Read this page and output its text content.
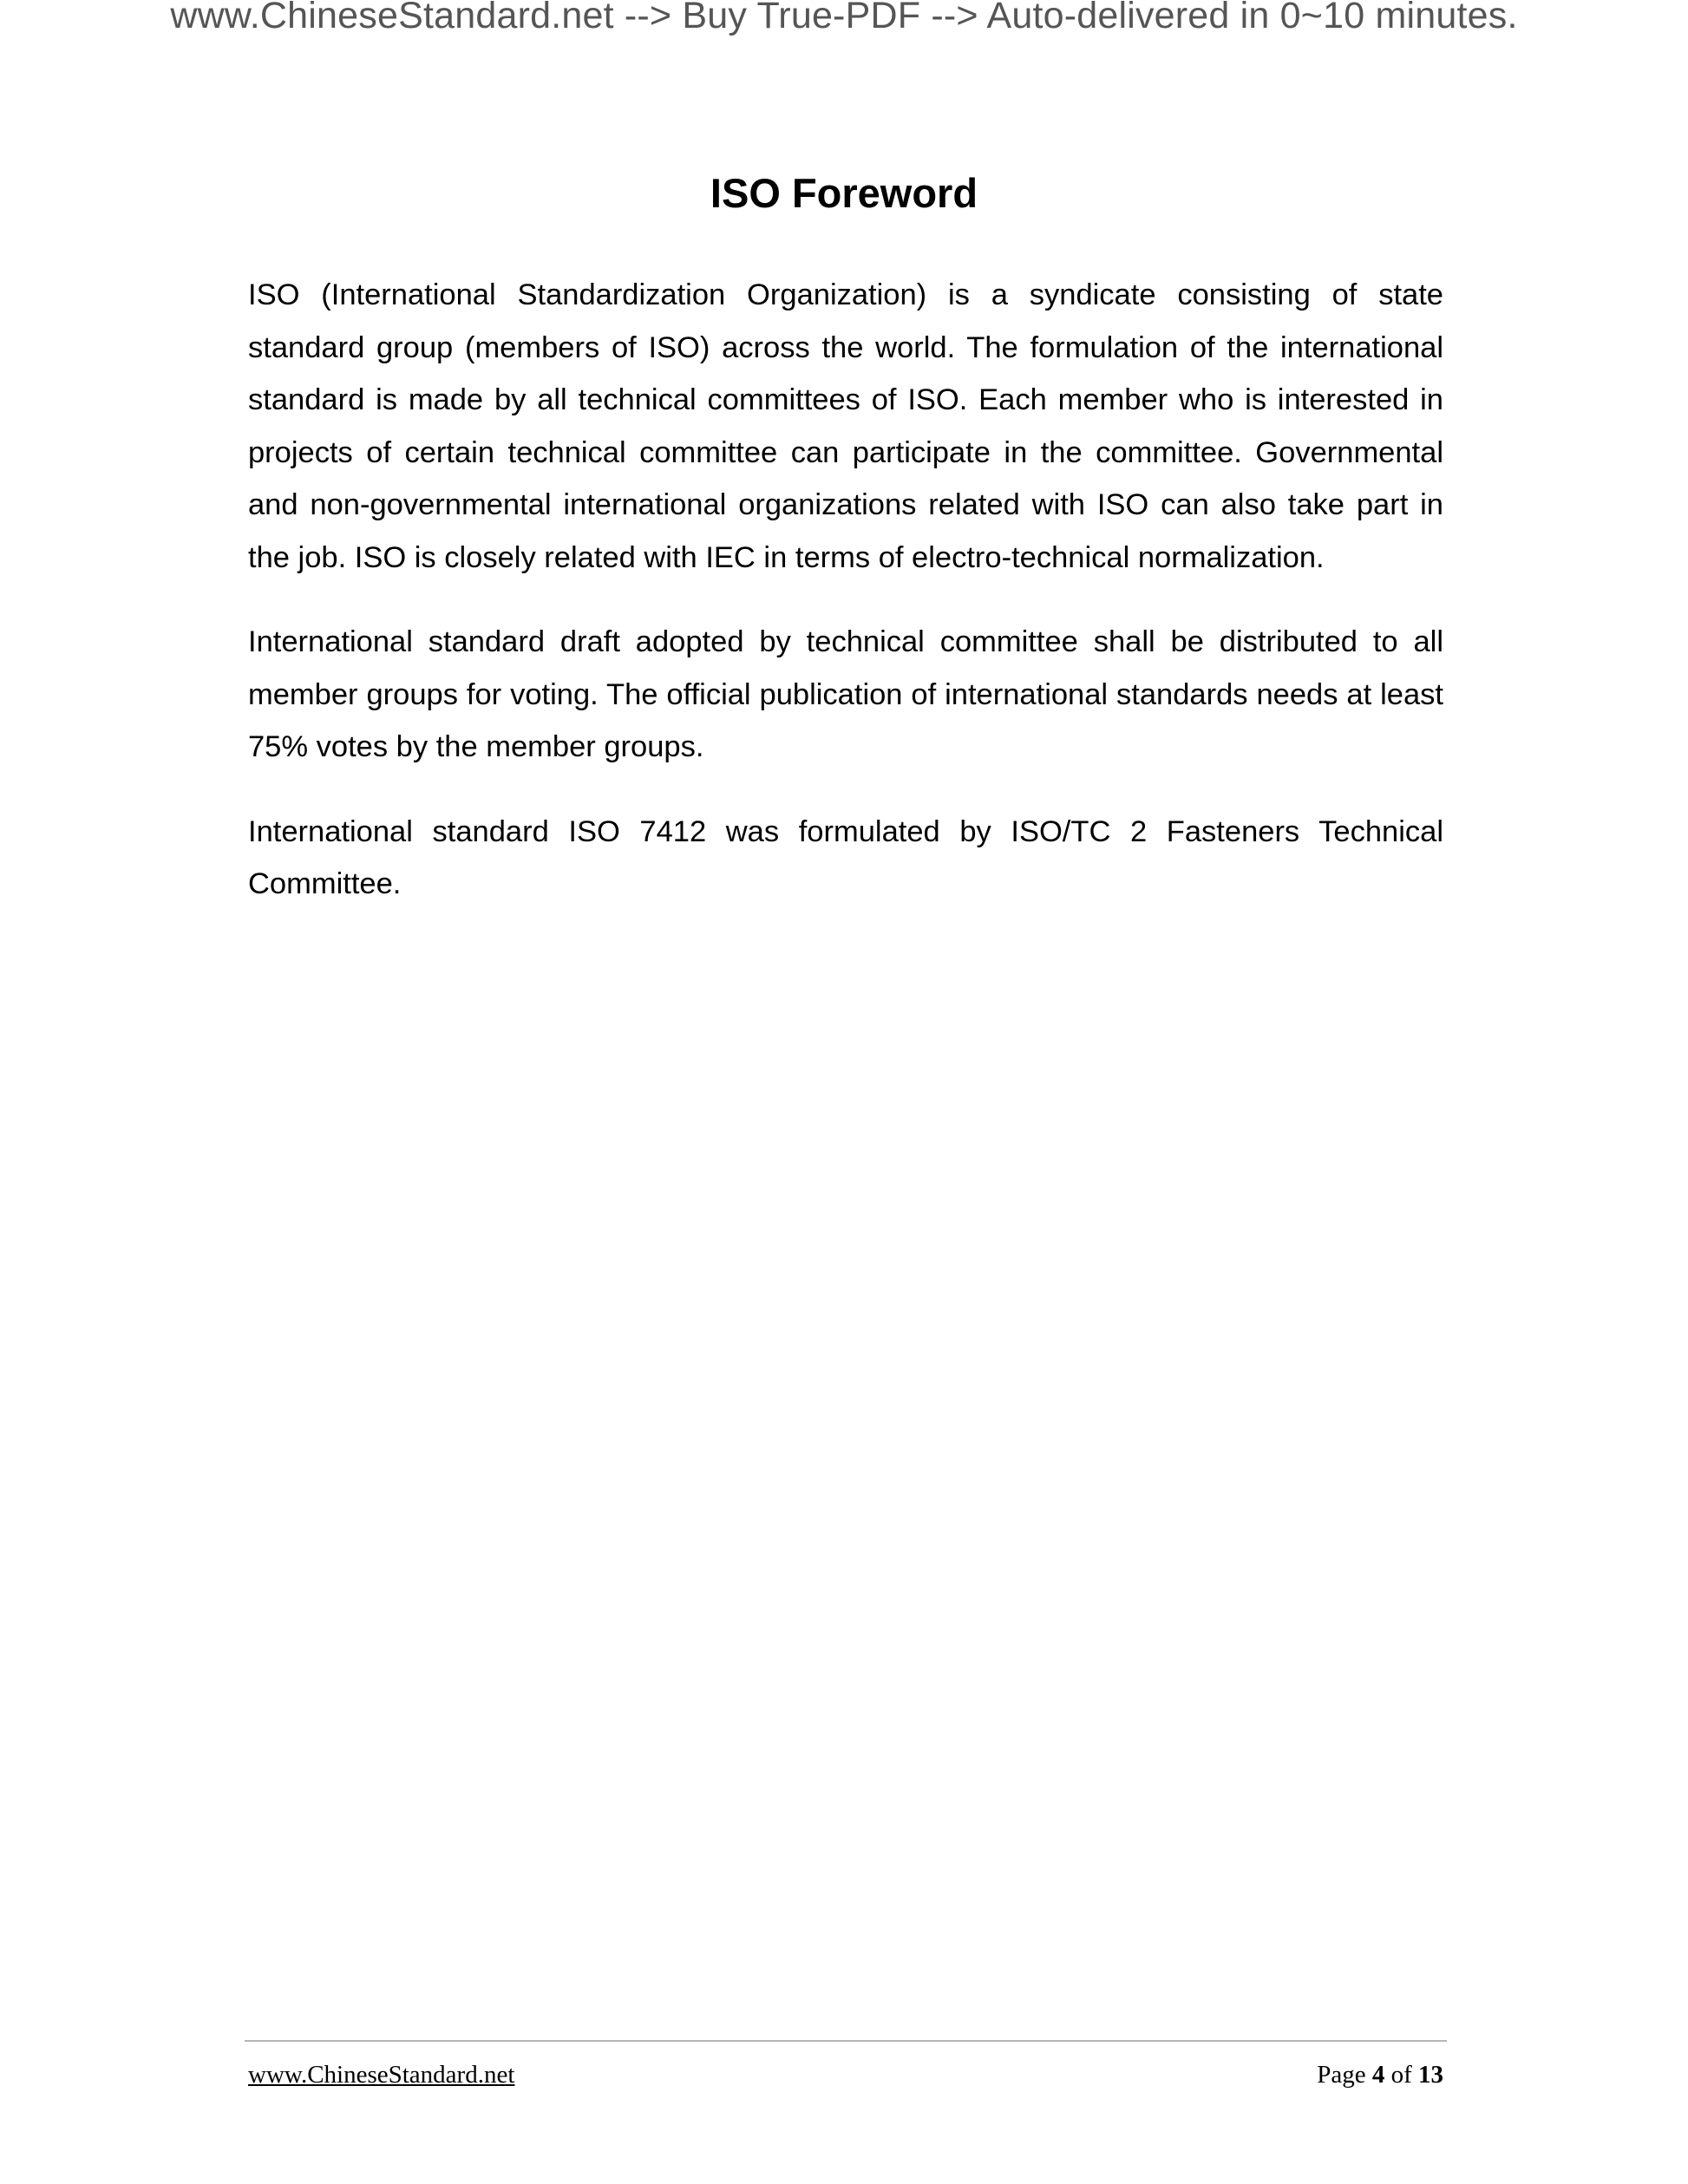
www.ChineseStandard.net --> Buy True-PDF --> Auto-delivered in 0~10 minutes.
ISO Foreword

ISO (International Standardization Organization) is a syndicate consisting of state standard group (members of ISO) across the world. The formulation of the international standard is made by all technical committees of ISO. Each member who is interested in projects of certain technical committee can participate in the committee. Governmental and non-governmental international organizations related with ISO can also take part in the job. ISO is closely related with IEC in terms of electro-technical normalization.

International standard draft adopted by technical committee shall be distributed to all member groups for voting. The official publication of international standards needs at least 75% votes by the member groups.

International standard ISO 7412 was formulated by ISO/TC 2 Fasteners Technical Committee.

www.ChineseStandard.net	Page 4 of 13
